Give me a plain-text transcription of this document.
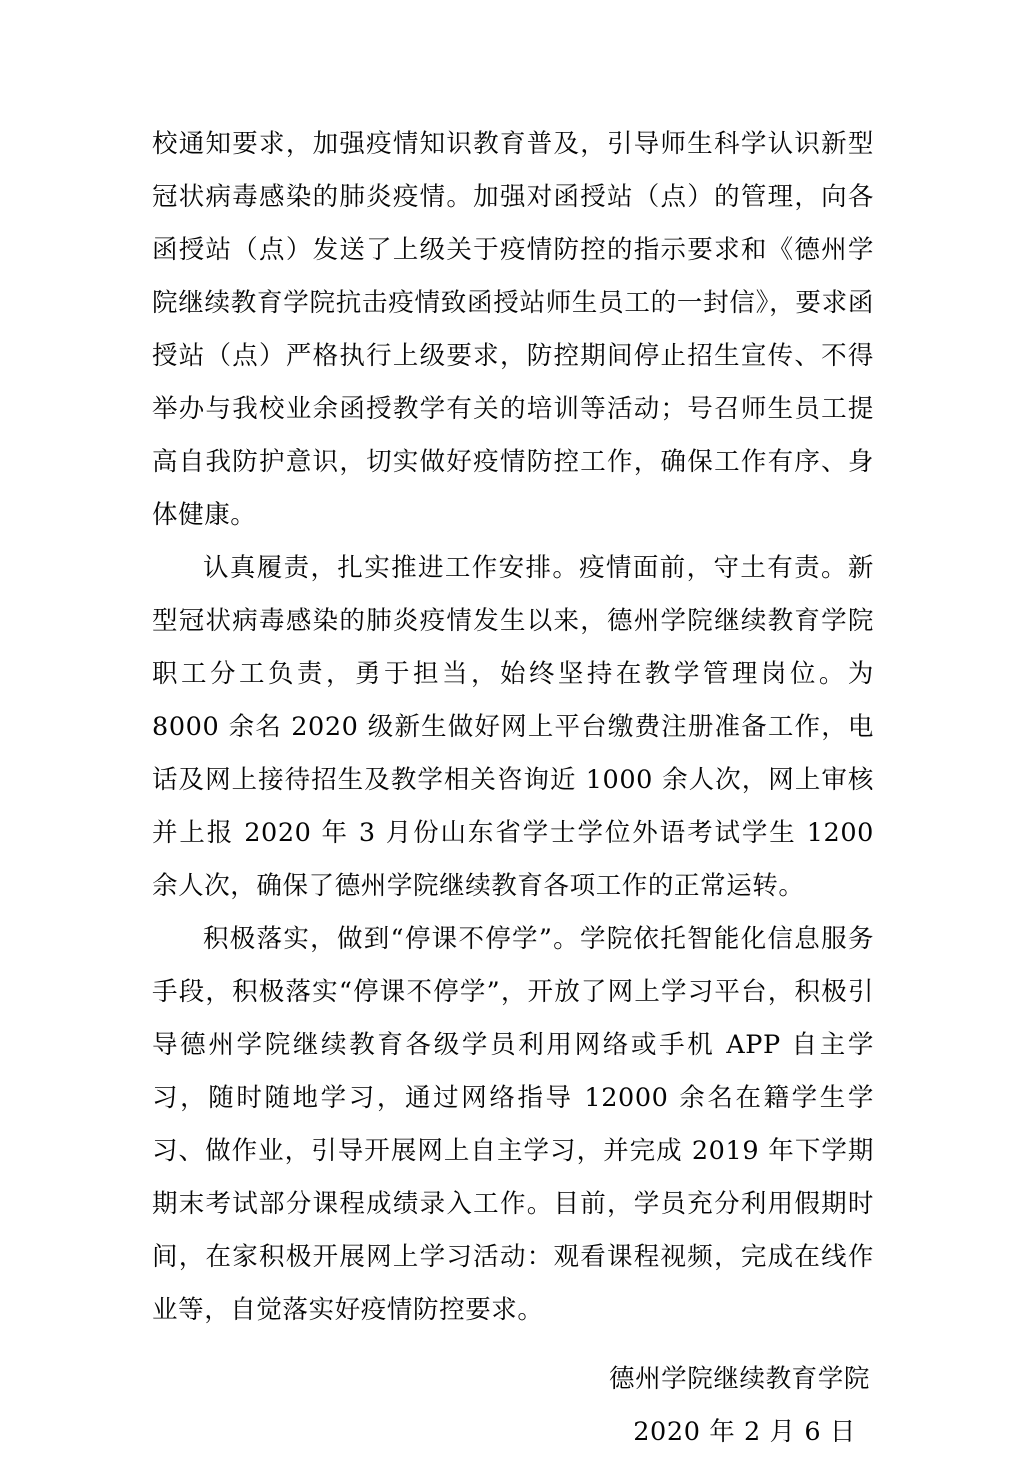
校通知要求，加强疫情知识教育普及，引导师生科学认识新型冠状病毒感染的肺炎疫情。加强对函授站（点）的管理，向各函授站（点）发送了上级关于疫情防控的指示要求和《德州学院继续教育学院抗击疫情致函授站师生员工的一封信》，要求函授站（点）严格执行上级要求，防控期间停止招生宣传、不得举办与我校业余函授教学有关的培训等活动；号召师生员工提高自我防护意识，切实做好疫情防控工作，确保工作有序、身体健康。

认真履责，扎实推进工作安排。疫情面前，守土有责。新型冠状病毒感染的肺炎疫情发生以来，德州学院继续教育学院职工分工负责，勇于担当，始终坚持在教学管理岗位。为 8000 余名 2020 级新生做好网上平台缴费注册准备工作，电话及网上接待招生及教学相关咨询近 1000 余人次，网上审核并上报 2020 年 3 月份山东省学士学位外语考试学生 1200 余人次，确保了德州学院继续教育各项工作的正常运转。

积极落实，做到“停课不停学”。学院依托智能化信息服务手段，积极落实“停课不停学”，开放了网上学习平台，积极引导德州学院继续教育各级学员利用网络或手机 APP 自主学习，随时随地学习，通过网络指导 12000 余名在籍学生学习、做作业，引导开展网上自主学习，并完成 2019 年下学期期末考试部分课程成绩录入工作。目前，学员充分利用假期时间，在家积极开展网上学习活动：观看课程视频，完成在线作业等，自觉落实好疫情防控要求。

德州学院继续教育学院
2020 年 2 月 6 日
